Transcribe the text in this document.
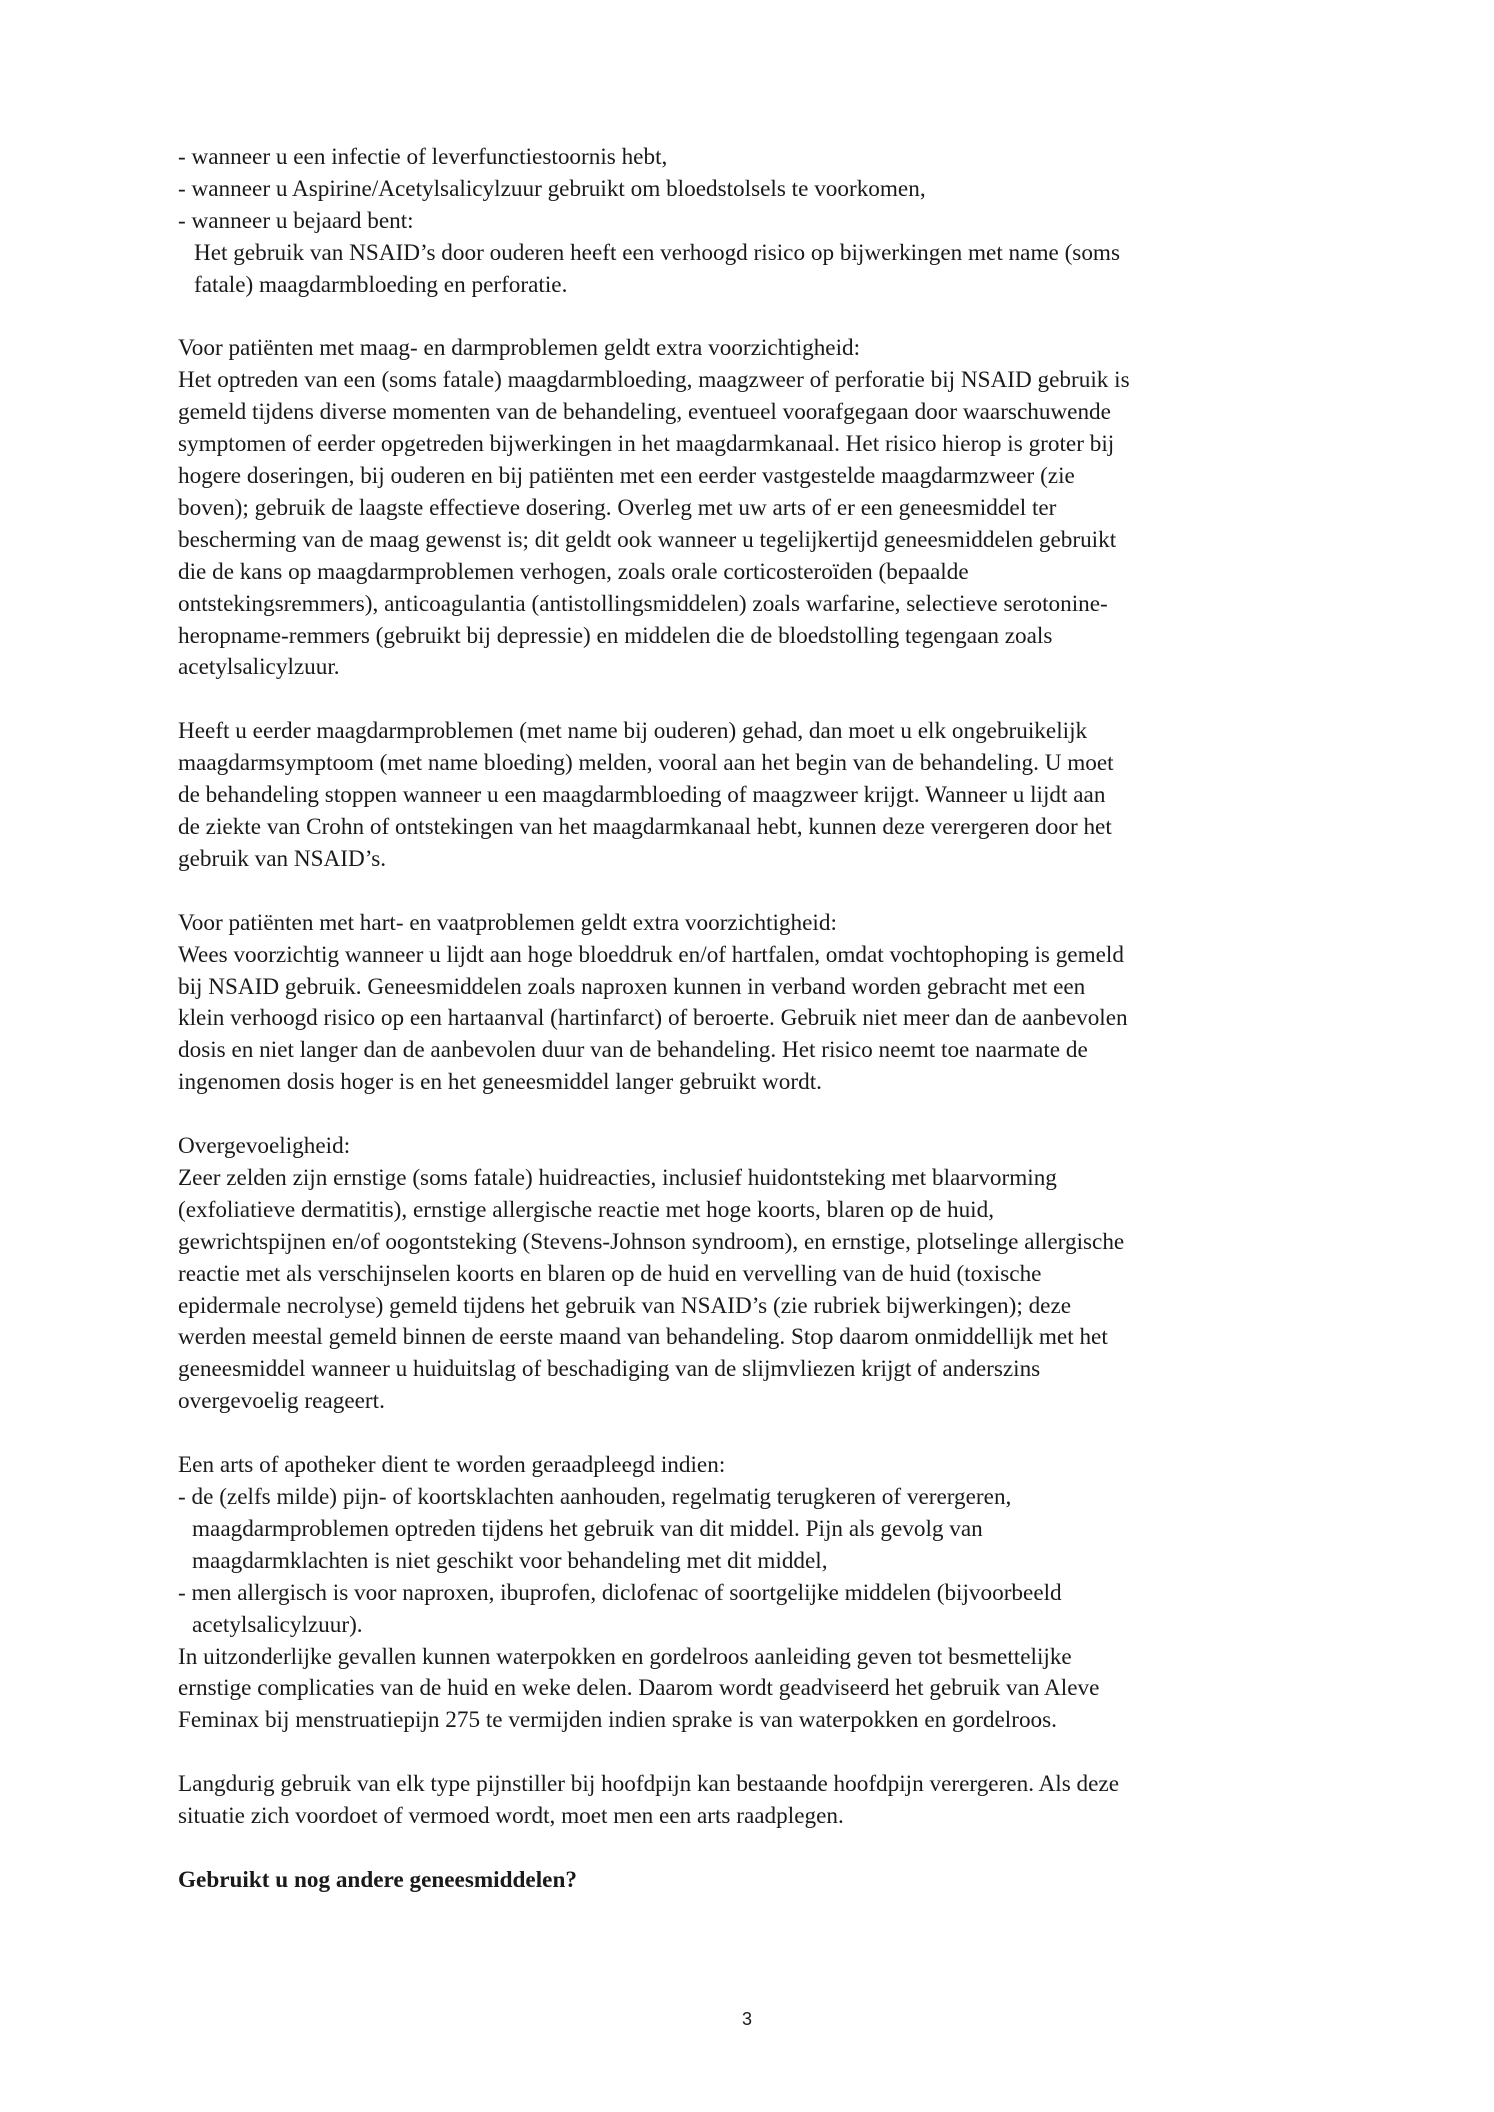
- wanneer u een infectie of leverfunctiestoornis hebt,
- wanneer u Aspirine/Acetylsalicylzuur gebruikt om bloedstolsels te voorkomen,
- wanneer u bejaard bent:
Het gebruik van NSAID’s door ouderen heeft een verhoogd risico op bijwerkingen met name (soms
fatale) maagdarmbloeding en perforatie.
Voor patiënten met maag- en darmproblemen geldt extra voorzichtigheid:
Het optreden van een (soms fatale) maagdarmbloeding, maagzweer of perforatie bij NSAID gebruik is
gemeld tijdens diverse momenten van de behandeling, eventueel voorafgegaan door waarschuwende
symptomen of eerder opgetreden bijwerkingen in het maagdarmkanaal. Het risico hierop is groter bij
hogere doseringen, bij ouderen en bij patiënten met een eerder vastgestelde maagdarmzweer (zie
boven); gebruik de laagste effectieve dosering. Overleg met uw arts of er een geneesmiddel ter
bescherming van de maag gewenst is; dit geldt ook wanneer u tegelijkertijd geneesmiddelen gebruikt
die de kans op maagdarmproblemen verhogen, zoals orale corticosteroïden (bepaalde
ontstekingsremmers), anticoagulantia (antistollingsmiddelen) zoals warfarine, selectieve serotonine-
heropname-remmers (gebruikt bij depressie) en middelen die de bloedstolling tegengaan zoals
acetylsalicylzuur.
Heeft u eerder maagdarmproblemen (met name bij ouderen) gehad, dan moet u elk ongebruikelijk
maagdarmsymptoom (met name bloeding) melden, vooral aan het begin van de behandeling. U moet
de behandeling stoppen wanneer u een maagdarmbloeding of maagzweer krijgt. Wanneer u lijdt aan
de ziekte van Crohn of ontstekingen van het maagdarmkanaal hebt, kunnen deze verergeren door het
gebruik van NSAID’s.
Voor patiënten met hart- en vaatproblemen geldt extra voorzichtigheid:
Wees voorzichtig wanneer u lijdt aan hoge bloeddruk en/of hartfalen, omdat vochtophoping is gemeld
bij NSAID gebruik. Geneesmiddelen zoals naproxen kunnen in verband worden gebracht met een
klein verhoogd risico op een hartaanval (hartinfarct) of beroerte. Gebruik niet meer dan de aanbevolen
dosis en niet langer dan de aanbevolen duur van de behandeling. Het risico neemt toe naarmate de
ingenomen dosis hoger is en het geneesmiddel langer gebruikt wordt.
Overgevoeligheid:
Zeer zelden zijn ernstige (soms fatale) huidreacties, inclusief huidontsteking met blaarvorming
(exfoliatieve dermatitis), ernstige allergische reactie met hoge koorts, blaren op de huid,
gewrichtspijnen en/of oogontsteking (Stevens-Johnson syndroom), en ernstige, plotselinge allergische
reactie met als verschijnselen koorts en blaren op de huid en vervelling van de huid (toxische
epidermale necrolyse) gemeld tijdens het gebruik van NSAID’s (zie rubriek bijwerkingen); deze
werden meestal gemeld binnen de eerste maand van behandeling. Stop daarom onmiddellijk met het
geneesmiddel wanneer u huiduitslag of beschadiging van de slijmvliezen krijgt of anderszins
overgevoelig reageert.
Een arts of apotheker dient te worden geraadpleegd indien:
- de (zelfs milde) pijn- of koortsklachten aanhouden, regelmatig terugkeren of verergeren,
maagdarmproblemen optreden tijdens het gebruik van dit middel. Pijn als gevolg van
maagdarmklachten is niet geschikt voor behandeling met dit middel,
- men allergisch is voor naproxen, ibuprofen, diclofenac of soortgelijke middelen (bijvoorbeeld
acetylsalicylzuur).
In uitzonderlijke gevallen kunnen waterpokken en gordelroos aanleiding geven tot besmettelijke
ernstige complicaties van de huid en weke delen. Daarom wordt geadviseerd het gebruik van Aleve
Feminax bij menstruatiepijn 275 te vermijden indien sprake is van waterpokken en gordelroos.
Langdurig gebruik van elk type pijnstiller bij hoofdpijn kan bestaande hoofdpijn verergeren. Als deze
situatie zich voordoet of vermoed wordt, moet men een arts raadplegen.
Gebruikt u nog andere geneesmiddelen?
3
